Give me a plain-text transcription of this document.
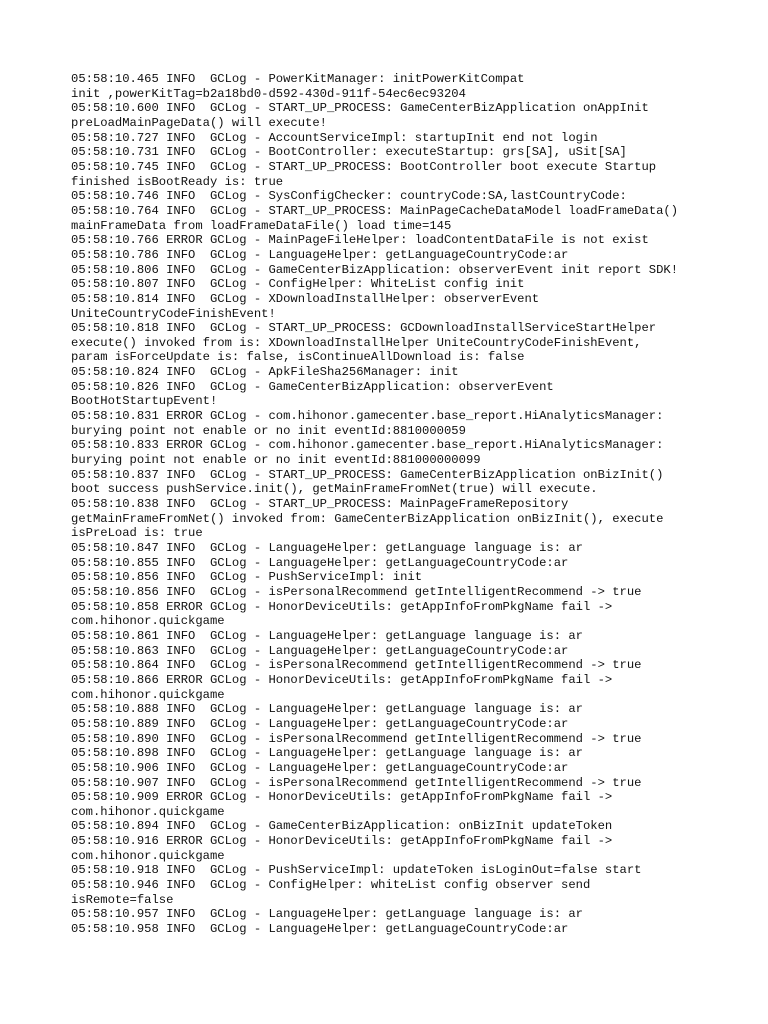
05:58:10.465 INFO  GCLog - PowerKitManager: initPowerKitCompat
init ,powerKitTag=b2a18bd0-d592-430d-911f-54ec6ec93204
05:58:10.600 INFO  GCLog - START_UP_PROCESS: GameCenterBizApplication onAppInit
preLoadMainPageData() will execute!
05:58:10.727 INFO  GCLog - AccountServiceImpl: startupInit end not login
05:58:10.731 INFO  GCLog - BootController: executeStartup: grs[SA], uSit[SA]
05:58:10.745 INFO  GCLog - START_UP_PROCESS: BootController boot execute Startup
finished isBootReady is: true
05:58:10.746 INFO  GCLog - SysConfigChecker: countryCode:SA,lastCountryCode:
05:58:10.764 INFO  GCLog - START_UP_PROCESS: MainPageCacheDataModel loadFrameData()
mainFrameData from loadFrameDataFile() load time=145
05:58:10.766 ERROR GCLog - MainPageFileHelper: loadContentDataFile is not exist
05:58:10.786 INFO  GCLog - LanguageHelper: getLanguageCountryCode:ar
05:58:10.806 INFO  GCLog - GameCenterBizApplication: observerEvent init report SDK!
05:58:10.807 INFO  GCLog - ConfigHelper: WhiteList config init
05:58:10.814 INFO  GCLog - XDownloadInstallHelper: observerEvent
UniteCountryCodeFinishEvent!
05:58:10.818 INFO  GCLog - START_UP_PROCESS: GCDownloadInstallServiceStartHelper
execute() invoked from is: XDownloadInstallHelper UniteCountryCodeFinishEvent,
param isForceUpdate is: false, isContinueAllDownload is: false
05:58:10.824 INFO  GCLog - ApkFileSha256Manager: init
05:58:10.826 INFO  GCLog - GameCenterBizApplication: observerEvent
BootHotStartupEvent!
05:58:10.831 ERROR GCLog - com.hihonor.gamecenter.base_report.HiAnalyticsManager:
burying point not enable or no init eventId:8810000059
05:58:10.833 ERROR GCLog - com.hihonor.gamecenter.base_report.HiAnalyticsManager:
burying point not enable or no init eventId:881000000099
05:58:10.837 INFO  GCLog - START_UP_PROCESS: GameCenterBizApplication onBizInit()
boot success pushService.init(), getMainFrameFromNet(true) will execute.
05:58:10.838 INFO  GCLog - START_UP_PROCESS: MainPageFrameRepository
getMainFrameFromNet() invoked from: GameCenterBizApplication onBizInit(), execute
isPreLoad is: true
05:58:10.847 INFO  GCLog - LanguageHelper: getLanguage language is: ar
05:58:10.855 INFO  GCLog - LanguageHelper: getLanguageCountryCode:ar
05:58:10.856 INFO  GCLog - PushServiceImpl: init
05:58:10.856 INFO  GCLog - isPersonalRecommend getIntelligentRecommend -> true
05:58:10.858 ERROR GCLog - HonorDeviceUtils: getAppInfoFromPkgName fail ->
com.hihonor.quickgame
05:58:10.861 INFO  GCLog - LanguageHelper: getLanguage language is: ar
05:58:10.863 INFO  GCLog - LanguageHelper: getLanguageCountryCode:ar
05:58:10.864 INFO  GCLog - isPersonalRecommend getIntelligentRecommend -> true
05:58:10.866 ERROR GCLog - HonorDeviceUtils: getAppInfoFromPkgName fail ->
com.hihonor.quickgame
05:58:10.888 INFO  GCLog - LanguageHelper: getLanguage language is: ar
05:58:10.889 INFO  GCLog - LanguageHelper: getLanguageCountryCode:ar
05:58:10.890 INFO  GCLog - isPersonalRecommend getIntelligentRecommend -> true
05:58:10.898 INFO  GCLog - LanguageHelper: getLanguage language is: ar
05:58:10.906 INFO  GCLog - LanguageHelper: getLanguageCountryCode:ar
05:58:10.907 INFO  GCLog - isPersonalRecommend getIntelligentRecommend -> true
05:58:10.909 ERROR GCLog - HonorDeviceUtils: getAppInfoFromPkgName fail ->
com.hihonor.quickgame
05:58:10.894 INFO  GCLog - GameCenterBizApplication: onBizInit updateToken
05:58:10.916 ERROR GCLog - HonorDeviceUtils: getAppInfoFromPkgName fail ->
com.hihonor.quickgame
05:58:10.918 INFO  GCLog - PushServiceImpl: updateToken isLoginOut=false start
05:58:10.946 INFO  GCLog - ConfigHelper: whiteList config observer send
isRemote=false
05:58:10.957 INFO  GCLog - LanguageHelper: getLanguage language is: ar
05:58:10.958 INFO  GCLog - LanguageHelper: getLanguageCountryCode:ar
